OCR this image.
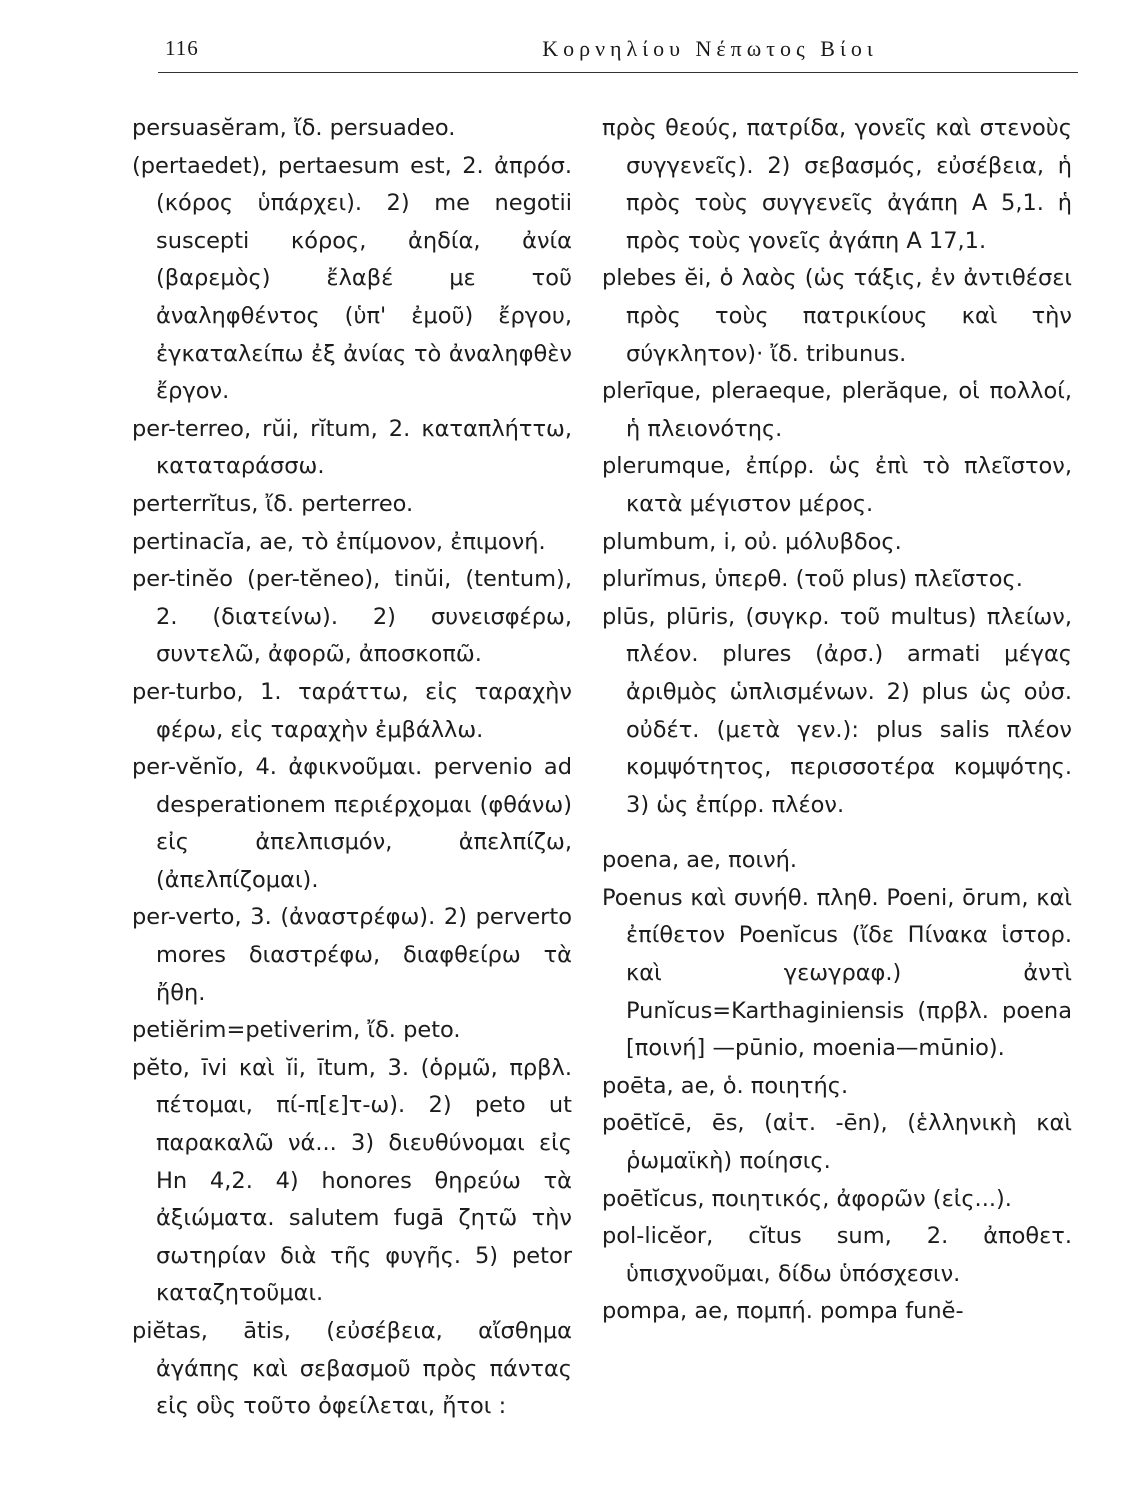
116	Κορνηλίου Νέπωτος Βίοι

persuasĕram, ἴδ. persuadeo.

(pertaedet), pertaesum est, 2. ἀπρόσ. (κόρος ὑπάρχει). 2) me negotii suscepti κόρος, ἀηδία, ἀνία (βαρεμὸς) ἔλαβέ με τοῦ ἀναληφθέντος (ὑπ' ἐμοῦ) ἔργου, ἐγκαταλείπω ἐξ ἀνίας τὸ ἀναληφθὲν ἔργον.

per-terreo, rŭi, rĭtum, 2. καταπλήττω, καταταράσσω.

perterrĭtus, ἴδ. perterreo.

pertinacĭa, ae, τὸ ἐπίμονον, ἐπιμονή.

per-tinĕo (per-tĕneo), tinŭi, (tentum), 2. (διατείνω). 2) συνεισφέρω, συντελῶ, ἀφορῶ, ἀποσκοπῶ.

per-turbo, 1. ταράττω, εἰς ταραχὴν φέρω, εἰς ταραχὴν ἐμβάλλω.

per-vĕnĭo, 4. ἀφικνοῦμαι. pervenio ad desperationem περιέρχομαι (φθάνω) εἰς ἀπελπισμόν, ἀπελπίζω, (ἀπελπίζομαι).

per-verto, 3. (ἀναστρέφω). 2) perverto mores διαστρέφω, διαφθείρω τὰ ἤθη.

petiĕrim=petiverim, ἴδ. peto.

pĕto, īvi καὶ ĭi, ītum, 3. (ὁρμῶ, πρβλ. πέτομαι, πί-π[ε]τ-ω). 2) peto ut παρακαλῶ νά... 3) διευθύνομαι εἰς Hn 4,2. 4) honores θηρεύω τὰ ἀξιώματα. salutem fugā ζητῶ τὴν σωτηρίαν διὰ τῆς φυγῆς. 5) petor καταζητοῦμαι.

piĕtas, ātis, (εὐσέβεια, αἴσθημα ἀγάπης καὶ σεβασμοῦ πρὸς πάντας εἰς οὓς τοῦτο ὀφείλεται, ἤτοι :

πρὸς θεούς, πατρίδα, γονεῖς καὶ στενοὺς συγγενεῖς). 2) σεβασμός, εὐσέβεια, ἡ πρὸς τοὺς συγγενεῖς ἀγάπη A 5,1. ἡ πρὸς τοὺς γονεῖς ἀγάπη A 17,1.

plebes ĕi, ὁ λαὸς (ὡς τάξις, ἐν ἀντιθέσει πρὸς τοὺς πατρικίους καὶ τὴν σύγκλητον)· ἴδ. tribunus.

plerīque, pleraeque, plerăque, οἱ πολλοί, ἡ πλειονότης.

plerumque, ἐπίρρ. ὡς ἐπὶ τὸ πλεῖστον, κατὰ μέγιστον μέρος.

plumbum, i, οὐ. μόλυβδος.

plurĭmus, ὑπερθ. (τοῦ plus) πλεῖστος.

plūs, plūris, (συγκρ. τοῦ multus) πλείων, πλέον. plures (ἀρσ.) armati μέγας ἀριθμὸς ὡπλισμένων. 2) plus ὡς οὐσ. οὐδέτ. (μετὰ γεν.): plus salis πλέον κομψότητος, περισσοτέρα κομψότης. 3) ὡς ἐπίρρ. πλέον.

poena, ae, ποινή.

Poenus καὶ συνήθ. πληθ. Poeni, ōrum, καὶ ἐπίθετον Poenĭcus (ἴδε Πίνακα ἱστορ. καὶ γεωγραφ.) ἀντὶ Punĭcus=Karthaginiensis (πρβλ. poena [ποινή] —pūnio, moenia—mūnio).

poēta, ae, ὁ. ποιητής.

poētĭcē, ēs, (αἰτ. -ēn), (ἑλληνικὴ καὶ ῥωμαϊκὴ) ποίησις.

poētĭcus, ποιητικός, ἀφορῶν (εἰς...).

pol-licĕor, cĭtus sum, 2. ἀποθετ. ὑπισχνοῦμαι, δίδω ὑπόσχεσιν.

pompa, ae, πομπή. pompa funĕ-
